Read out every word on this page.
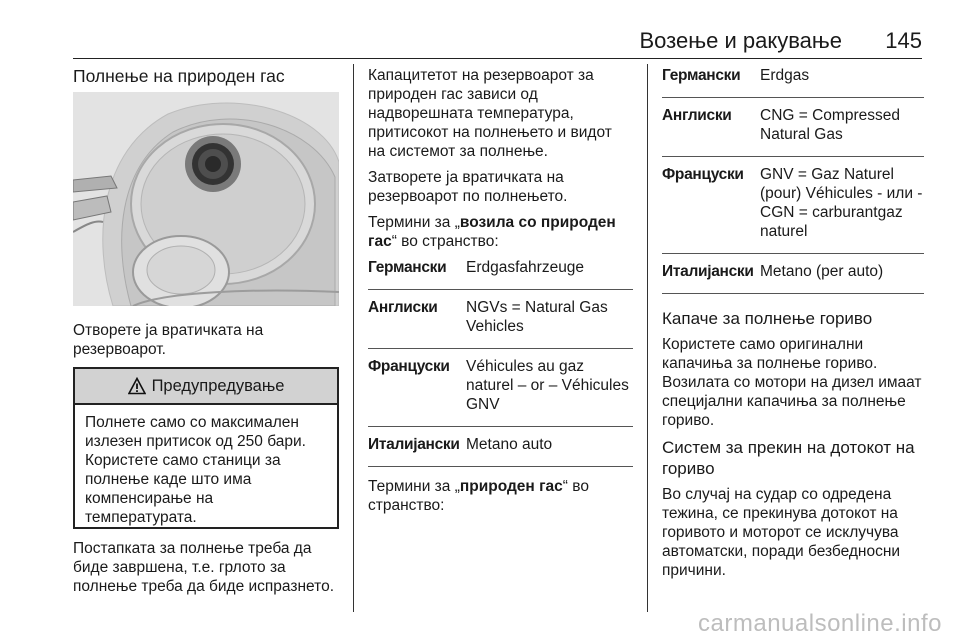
Возење и ракување 145
Полнење на природен гас

Отворете ја вратичката на резервоарот.

Предупредување
Полнете само со максимален излезен притисок од 250 бари. Користете само станици за полнење каде што има компенсирање на температурата.

Постапката за полнење треба да биде завршена, т.е. грлото за полнење треба да биде испразнето.

Капацитетот на резервоарот за природен гас зависи од надворешната температура, притисокот на полнењето и видот на системот за полнење.

Затворете ја вратичката на резервоарот по полнењето.

Термини за „возила со природен гас“ во странство:

Германски	Erdgasfahrzeuge
Англиски	NGVs = Natural Gas Vehicles
Француски	Véhicules au gaz naturel – or – Véhicules GNV
Италијански	Metano auto

Термини за „природен гас“ во странство:

Германски	Erdgas
Англиски	CNG = Compressed Natural Gas
Француски	GNV = Gaz Naturel (pour) Véhicules - или - CGN = carburantgaz naturel
Италијански	Metano (per auto)
Капаче за полнење гориво

Користете само оригинални капачиња за полнење гориво. Возилата со мотори на дизел имаат специјални капачиња за полнење гориво.

Систем за прекин на дотокот на гориво

Во случај на судар со одредена тежина, се прекинува дотокот на горивото и моторот се исклучува автоматски, поради безбедносни причини.

carmanualsonline.info
